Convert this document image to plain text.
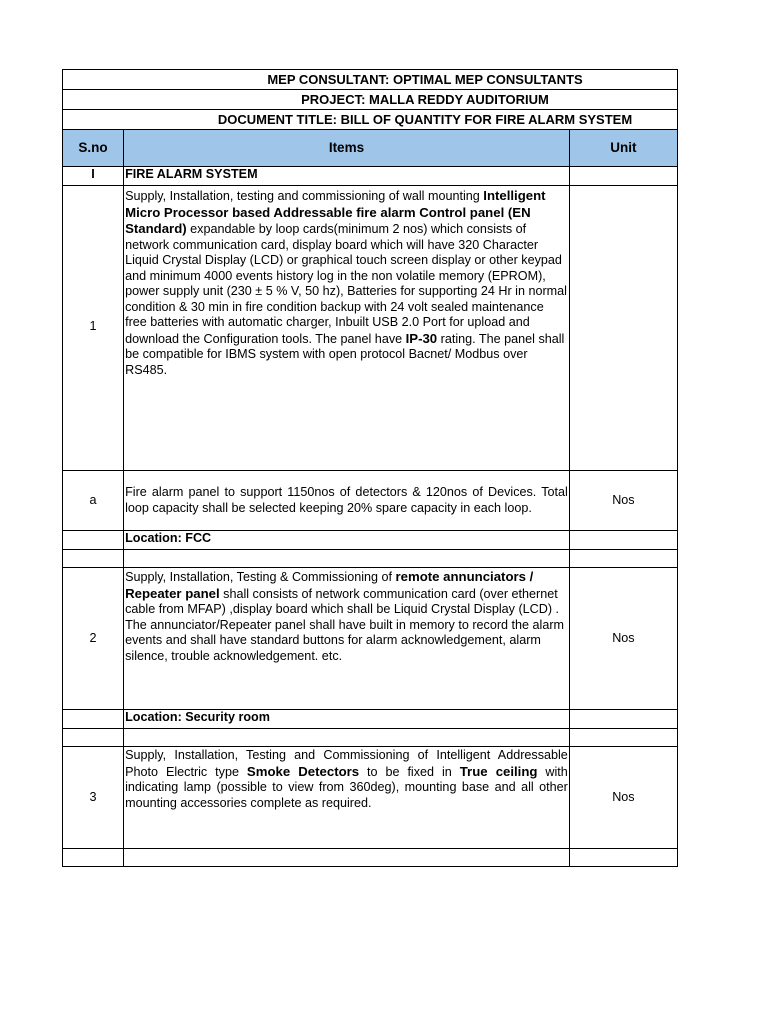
MEP CONSULTANT: OPTIMAL MEP CONSULTANTS		
PROJECT: MALLA REDDY AUDITORIUM		
DOCUMENT TITLE: BILL OF QUANTITY FOR FIRE ALARM SYSTEM		
S.no	Items	Unit
I	FIRE ALARM SYSTEM	
1	Supply, Installation, testing and commissioning of wall mounting Intelligent Micro Processor based Addressable fire alarm Control panel (EN Standard) expandable by loop cards(minimum 2 nos) which consists of network communication card, display board which will have 320 Character Liquid Crystal Display (LCD) or graphical touch screen display or other keypad and minimum 4000 events history log in the non volatile memory (EPROM), power supply unit (230 ± 5 % V, 50 hz), Batteries for supporting 24 Hr in normal condition & 30 min in fire condition backup with 24 volt sealed maintenance free batteries with automatic charger, Inbuilt USB 2.0 Port for upload and download the Configuration tools. The panel have IP-30 rating. The panel shall be compatible for IBMS system with open protocol Bacnet/ Modbus over RS485.	
a	Fire alarm panel to support 1150nos of detectors & 120nos of Devices. Total loop capacity shall be selected keeping 20% spare capacity in each loop.	Nos
	Location: FCC	

2	Supply, Installation, Testing & Commissioning of remote annunciators / Repeater panel shall consists of network communication card (over ethernet cable from MFAP) ,display board which shall be Liquid Crystal Display (LCD) . The annunciator/Repeater panel shall have built in memory to record the alarm events and shall have standard buttons for alarm acknowledgement, alarm silence, trouble acknowledgement. etc.	Nos
	Location: Security room	

3	Supply, Installation, Testing and Commissioning of Intelligent Addressable Photo Electric type Smoke Detectors to be fixed in True ceiling with indicating lamp (possible to view from 360deg), mounting base and all other mounting accessories complete as required.	Nos
